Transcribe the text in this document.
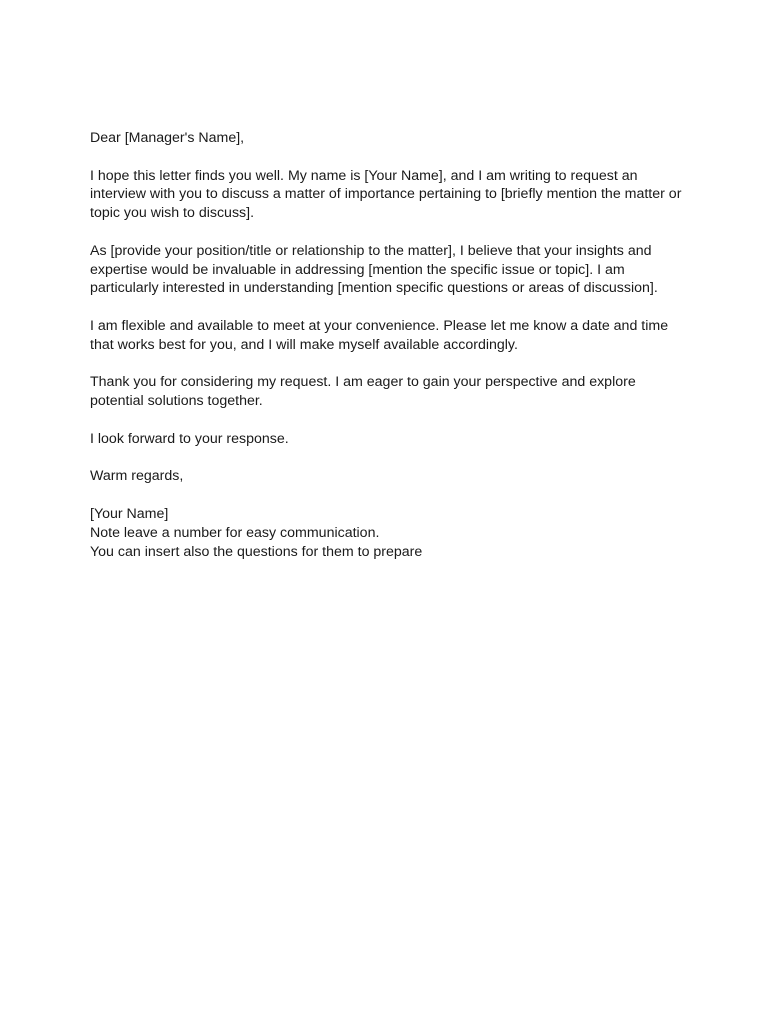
Dear [Manager's Name],

I hope this letter finds you well. My name is [Your Name], and I am writing to request an interview with you to discuss a matter of importance pertaining to [briefly mention the matter or topic you wish to discuss].

As [provide your position/title or relationship to the matter], I believe that your insights and expertise would be invaluable in addressing [mention the specific issue or topic]. I am particularly interested in understanding [mention specific questions or areas of discussion].

I am flexible and available to meet at your convenience. Please let me know a date and time that works best for you, and I will make myself available accordingly.

Thank you for considering my request. I am eager to gain your perspective and explore potential solutions together.

I look forward to your response.

Warm regards,

[Your Name]

Note leave a number for easy communication.

You can insert also the questions for them to prepare
